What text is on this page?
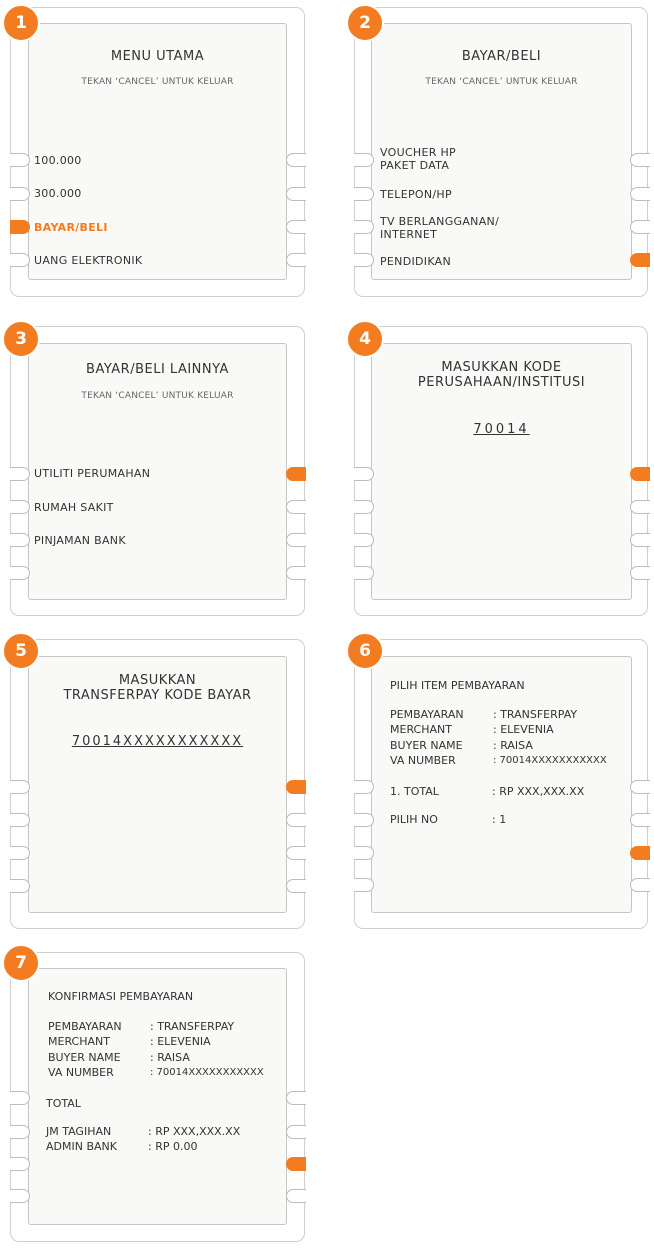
1
MENU UTAMA
TEKAN ‘CANCEL’ UNTUK KELUAR
100.000
300.000
BAYAR/BELI
UANG ELEKTRONIK
2
BAYAR/BELI
TEKAN ‘CANCEL’ UNTUK KELUAR
VOUCHER HP
PAKET DATA
TELEPON/HP
TV BERLANGGANAN/
INTERNET
PENDIDIKAN
3
BAYAR/BELI LAINNYA
TEKAN ‘CANCEL’ UNTUK KELUAR
UTILITI PERUMAHAN
RUMAH SAKIT
PINJAMAN BANK
4
MASUKKAN KODE
PERUSAHAAN/INSTITUSI
70014
5
MASUKKAN
TRANSFERPAY KODE BAYAR
70014XXXXXXXXXXX
6
PILIH ITEM PEMBAYARAN
PEMBAYARAN	: TRANSFERPAY
MERCHANT	: ELEVENIA
BUYER NAME	: RAISA
VA NUMBER	: 70014XXXXXXXXXXX
1. TOTAL	: RP XXX,XXX.XX
PILIH NO	: 1
7
KONFIRMASI PEMBAYARAN
PEMBAYARAN	: TRANSFERPAY
MERCHANT	: ELEVENIA
BUYER NAME	: RAISA
VA NUMBER	: 70014XXXXXXXXXXX
TOTAL
JM TAGIHAN	: RP XXX,XXX.XX
ADMIN BANK	: RP 0.00
